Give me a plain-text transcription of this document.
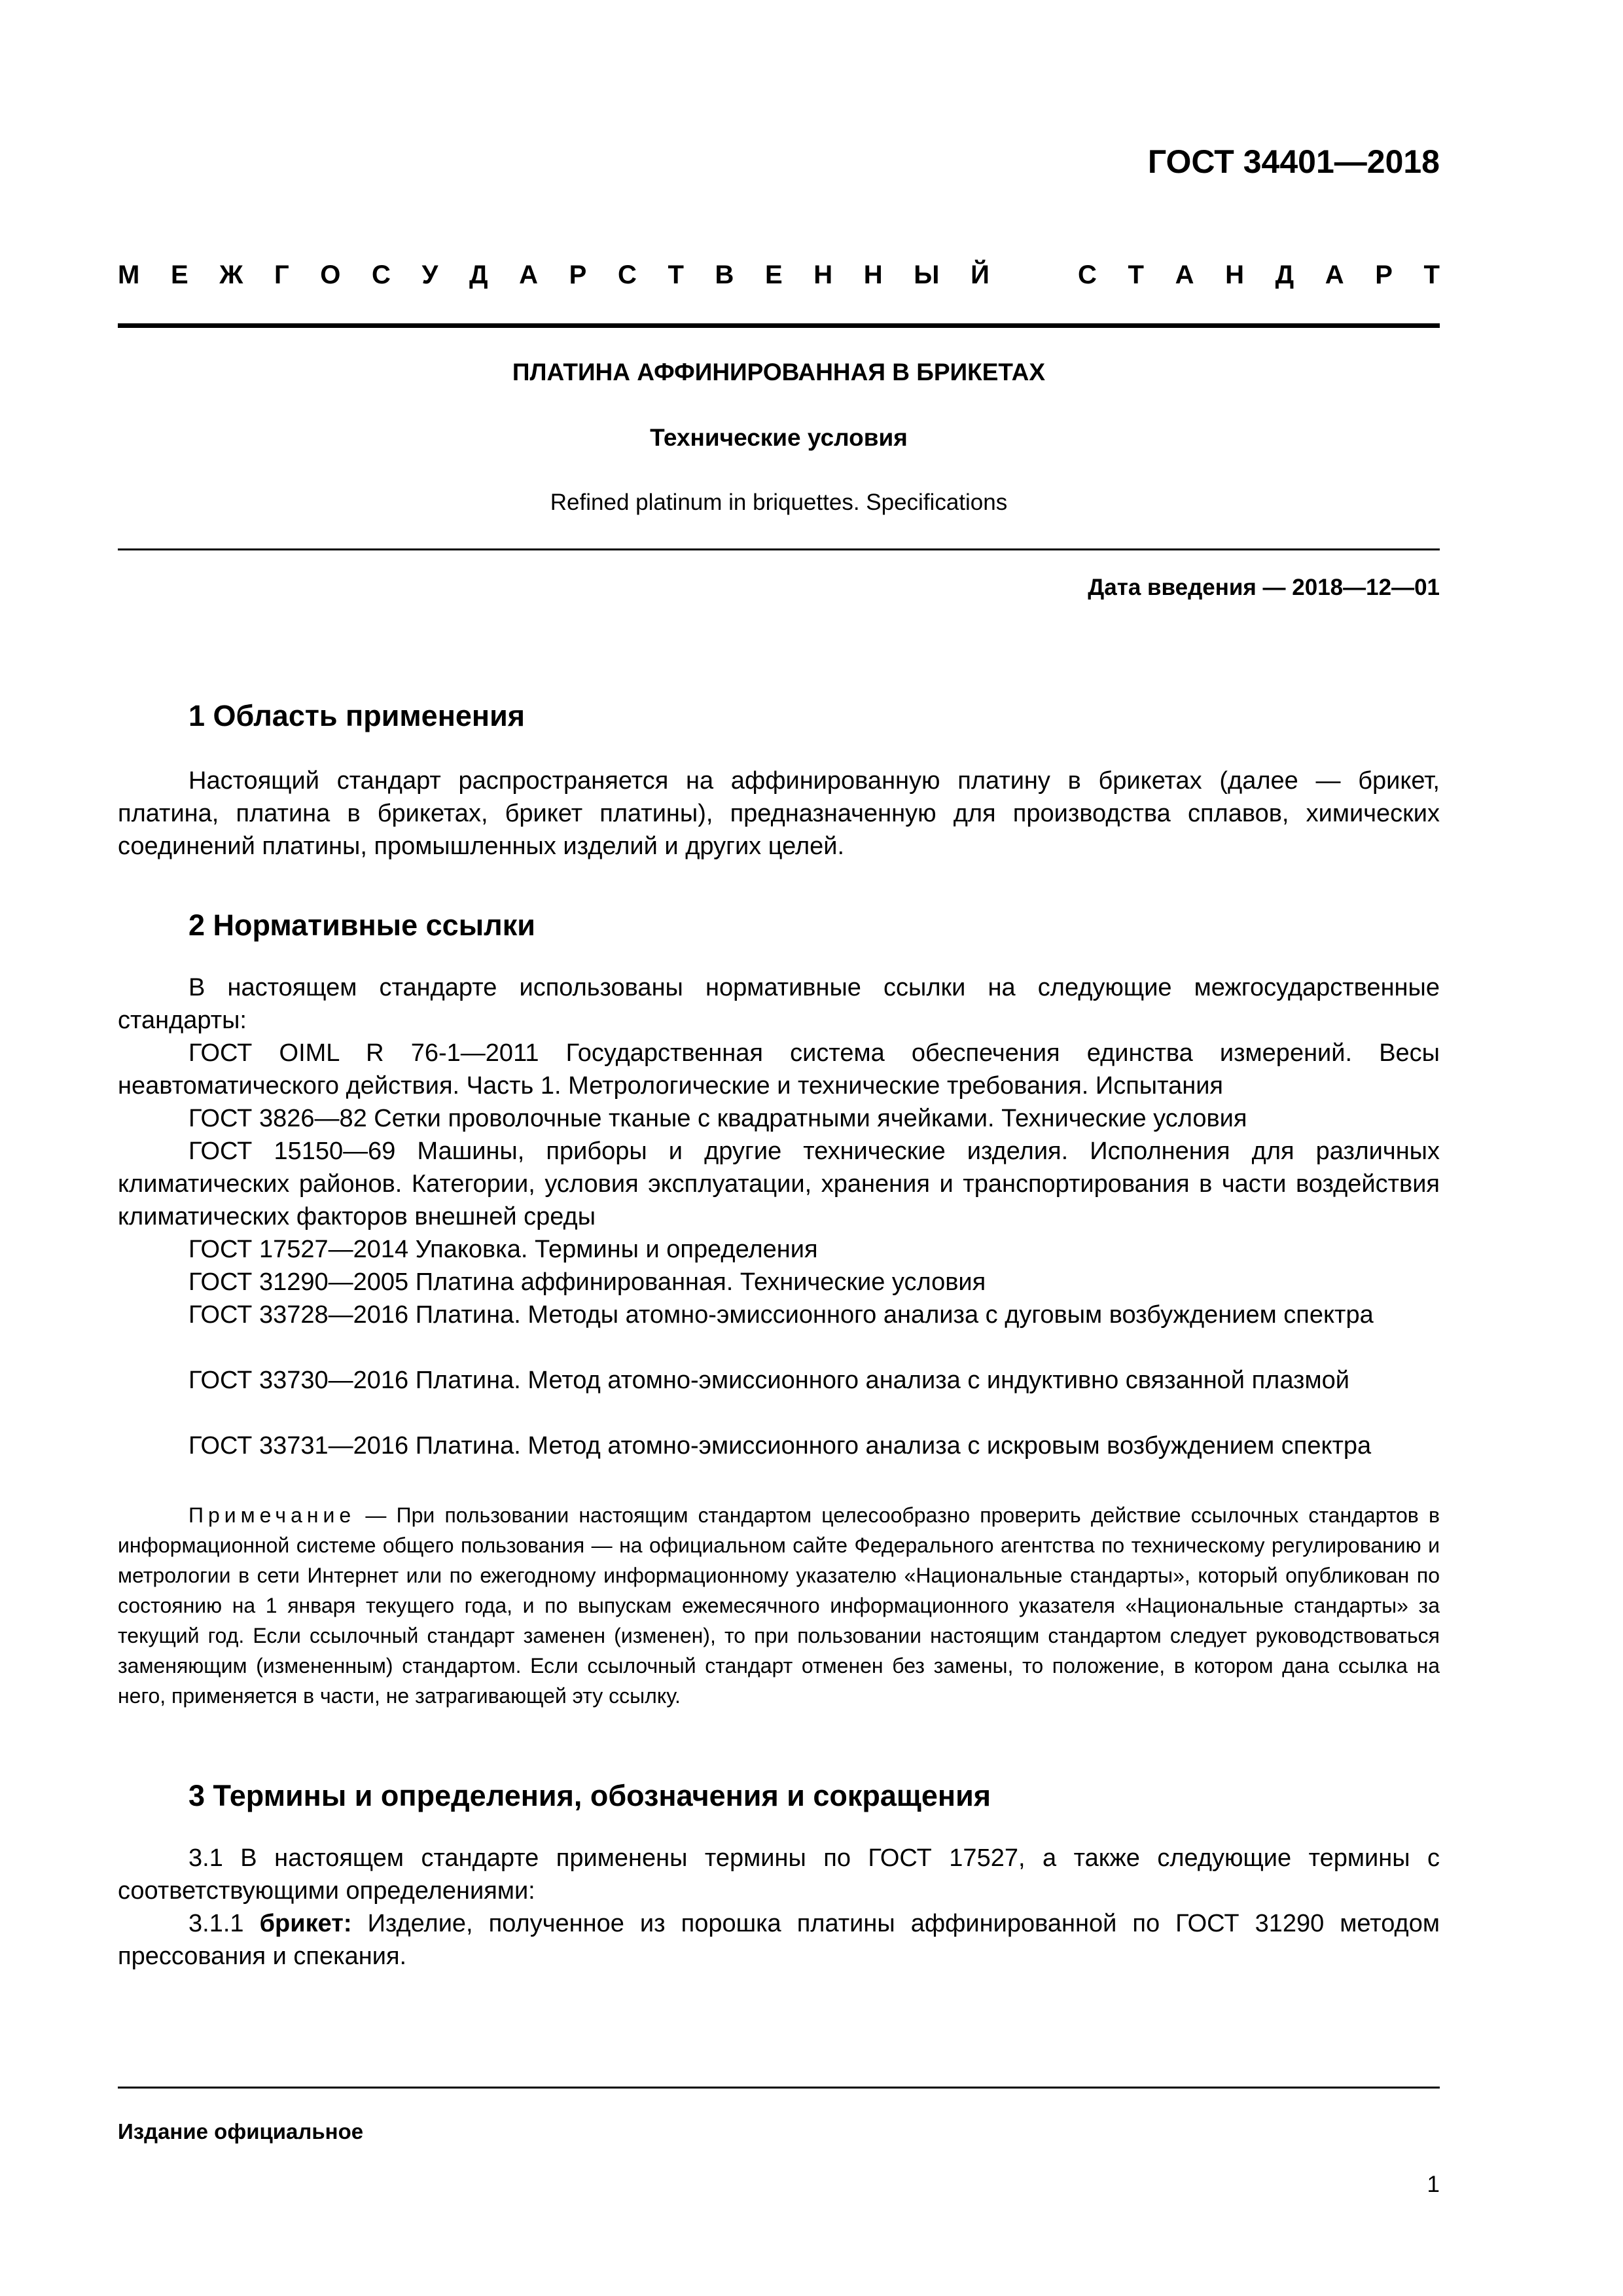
ГОСТ 34401—2018
М Е Ж Г О С У Д А Р С Т В Е Н Н Ы Й	С Т А Н Д А Р Т
ПЛАТИНА АФФИНИРОВАННАЯ В БРИКЕТАХ
Технические условия
Refined platinum in briquettes. Specifications
Дата введения — 2018—12—01
1 Область применения
Настоящий стандарт распространяется на аффинированную платину в брикетах (далее — брикет, платина, платина в брикетах, брикет платины), предназначенную для производства сплавов, химических соединений платины, промышленных изделий и других целей.
2 Нормативные ссылки
В настоящем стандарте использованы нормативные ссылки на следующие межгосударственные стандарты:
ГОСТ OIML R 76-1—2011 Государственная система обеспечения единства измерений. Весы неавтоматического действия. Часть 1. Метрологические и технические требования. Испытания
ГОСТ 3826—82 Сетки проволочные тканые с квадратными ячейками. Технические условия
ГОСТ 15150—69 Машины, приборы и другие технические изделия. Исполнения для различных климатических районов. Категории, условия эксплуатации, хранения и транспортирования в части воздействия климатических факторов внешней среды
ГОСТ 17527—2014 Упаковка. Термины и определения
ГОСТ 31290—2005 Платина аффинированная. Технические условия
ГОСТ 33728—2016 Платина. Методы атомно-эмиссионного анализа с дуговым возбуждением спектра
ГОСТ 33730—2016 Платина. Метод атомно-эмиссионного анализа с индуктивно связанной плазмой
ГОСТ 33731—2016 Платина. Метод атомно-эмиссионного анализа с искровым возбуждением спектра
Примечание — При пользовании настоящим стандартом целесообразно проверить действие ссылочных стандартов в информационной системе общего пользования — на официальном сайте Федерального агентства по техническому регулированию и метрологии в сети Интернет или по ежегодному информационному указателю «Национальные стандарты», который опубликован по состоянию на 1 января текущего года, и по выпускам ежемесячного информационного указателя «Национальные стандарты» за текущий год. Если ссылочный стандарт заменен (изменен), то при пользовании настоящим стандартом следует руководствоваться заменяющим (измененным) стандартом. Если ссылочный стандарт отменен без замены, то положение, в котором дана ссылка на него, применяется в части, не затрагивающей эту ссылку.
3 Термины и определения, обозначения и сокращения
3.1 В настоящем стандарте применены термины по ГОСТ 17527, а также следующие термины с соответствующими определениями:
3.1.1 брикет: Изделие, полученное из порошка платины аффинированной по ГОСТ 31290 методом прессования и спекания.
Издание официальное
1
